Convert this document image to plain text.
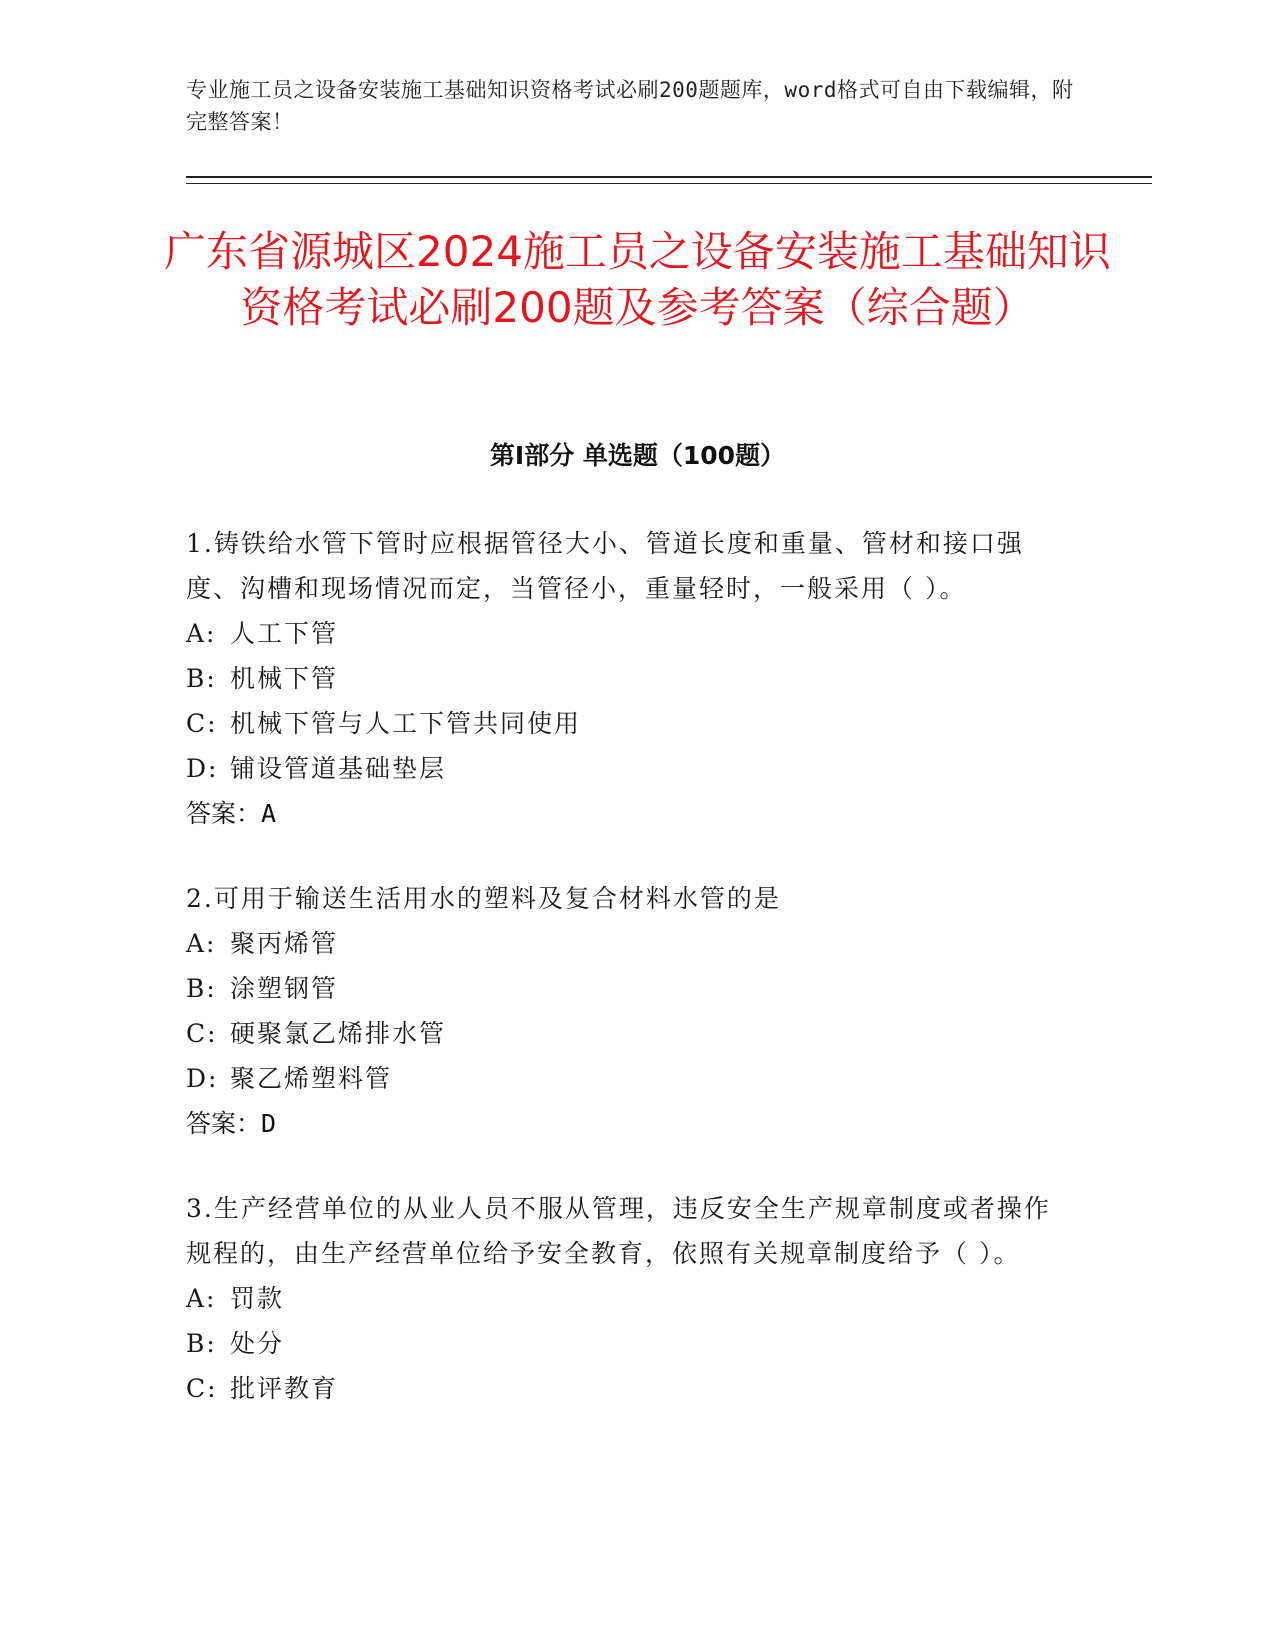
专业施工员之设备安装施工基础知识资格考试必刷200题题库，word格式可自由下载编辑，附完整答案！
广东省源城区2024施工员之设备安装施工基础知识资格考试必刷200题及参考答案（综合题）
第Ⅰ部分 单选题（100题）
1.铸铁给水管下管时应根据管径大小、管道长度和重量、管材和接口强度、沟槽和现场情况而定，当管径小，重量轻时，一般采用（ ）。
A: 人工下管
B: 机械下管
C: 机械下管与人工下管共同使用
D: 铺设管道基础垫层
答案：A
2.可用于输送生活用水的塑料及复合材料水管的是
A: 聚丙烯管
B: 涂塑钢管
C: 硬聚氯乙烯排水管
D: 聚乙烯塑料管
答案：D
3.生产经营单位的从业人员不服从管理，违反安全生产规章制度或者操作规程的，由生产经营单位给予安全教育，依照有关规章制度给予（ ）。
A: 罚款
B: 处分
C: 批评教育
